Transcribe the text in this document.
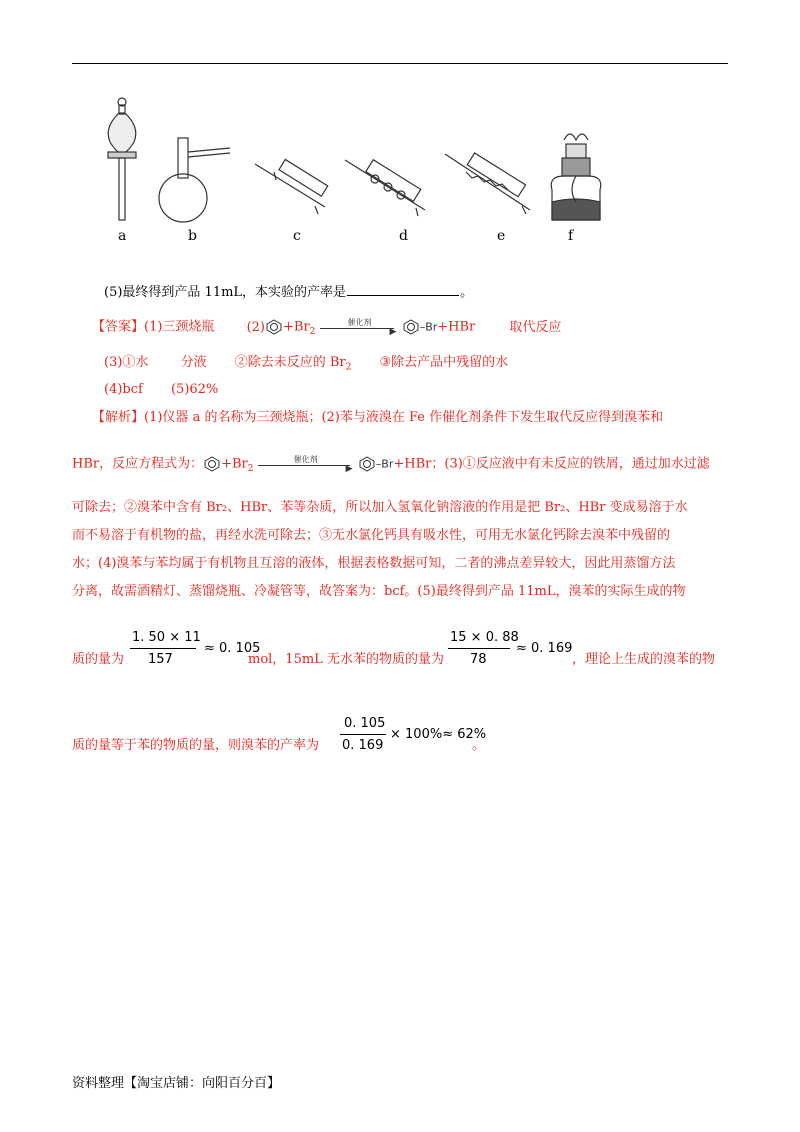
a	b	c	d	e	f
(5)最终得到产品 11mL，本实验的产率是	。
【答案】(1)三颈烧瓶 $(2) +Br_2$
催化剂
▶ –Br+HBr	取代反应
(3)①水 分液 ②除去未反应的 $Br_2$ ③除去产品中残留的水
(4)bcf (5)62%
【解析】(1)仪器 a 的名称为三颈烧瓶；(2)苯与液溴在 Fe 作催化剂条件下发生取代反应得到溴苯和
HBr，反应方程式为： $+Br_2$
催化剂
▶ –Br+HBr；(3)①反应液中有未反应的铁屑，通过加水过滤
可除去；②溴苯中含有 Br₂、HBr、苯等杂质，所以加入氢氧化钠溶液的作用是把 Br₂、HBr 变成易溶于水
而不易溶于有机物的盐，再经水洗可除去；③无水氯化钙具有吸水性，可用无水氯化钙除去溴苯中残留的
水；(4)溴苯与苯均属于有机物且互溶的液体，根据表格数据可知，二者的沸点差异较大，因此用蒸馏方法
分离，故需酒精灯、蒸馏烧瓶、冷凝管等，故答案为：bcf。(5)最终得到产品 11mL，溴苯的实际生成的物
质的量为
1. 50 × 11
157
≈ 0. 105
mol，15mL 无水苯的物质的量为
15 × 0. 88
78
≈ 0. 169
，理论上生成的溴苯的物
质的量等于苯的物质的量，则溴苯的产率为
0. 105
0. 169
× 100%≈ 62%
。
资料整理【淘宝店铺：向阳百分百】
